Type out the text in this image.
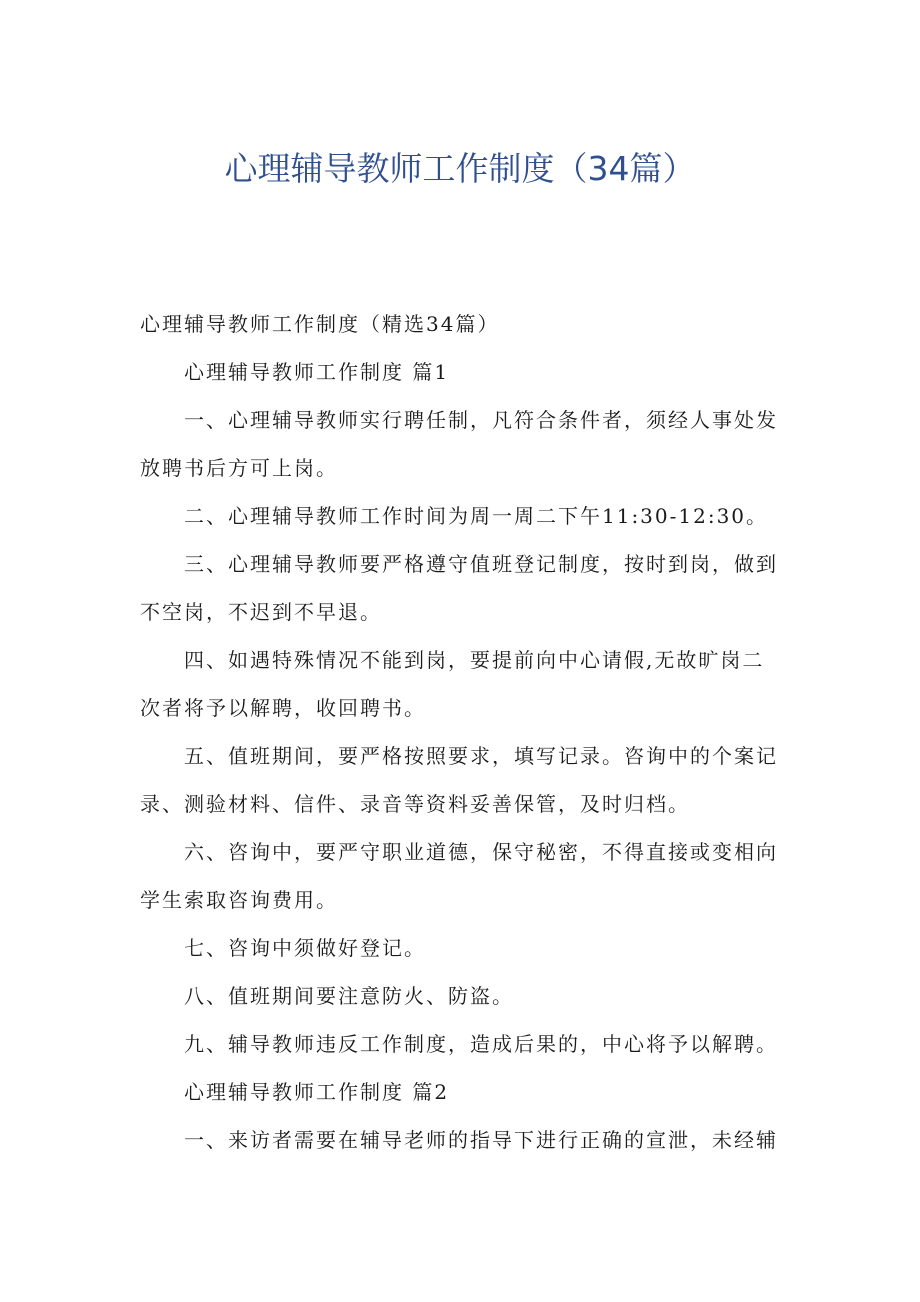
心理辅导教师工作制度（34篇）

心理辅导教师工作制度（精选34篇）

心理辅导教师工作制度 篇1

一、心理辅导教师实行聘任制，凡符合条件者，须经人事处发放聘书后方可上岗。

二、心理辅导教师工作时间为周一周二下午11:30-12:30。

三、心理辅导教师要严格遵守值班登记制度，按时到岗，做到不空岗，不迟到不早退。

四、如遇特殊情况不能到岗，要提前向中心请假,无故旷岗二次者将予以解聘，收回聘书。

五、值班期间，要严格按照要求，填写记录。咨询中的个案记录、测验材料、信件、录音等资料妥善保管，及时归档。

六、咨询中，要严守职业道德，保守秘密，不得直接或变相向学生索取咨询费用。

七、咨询中须做好登记。

八、值班期间要注意防火、防盗。

九、辅导教师违反工作制度，造成后果的，中心将予以解聘。

心理辅导教师工作制度 篇2

一、来访者需要在辅导老师的指导下进行正确的宣泄，未经辅
